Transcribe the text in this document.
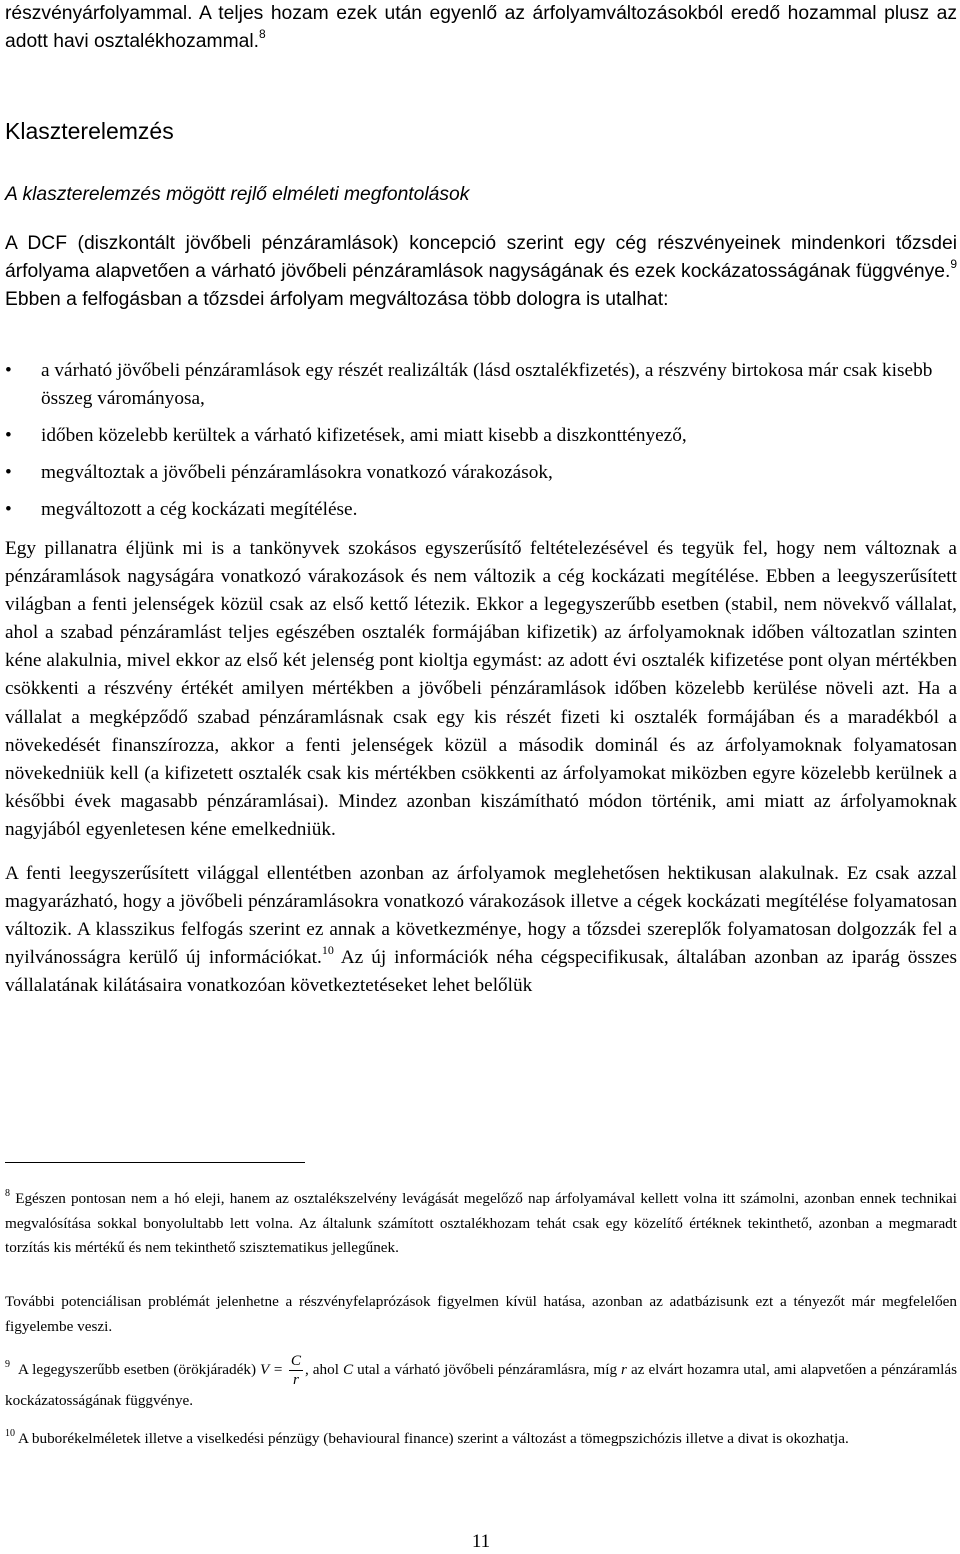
részvényárfolyammal. A teljes hozam ezek után egyenlő az árfolyamváltozásokból eredő hozammal plusz az adott havi osztalékhozammal.$^8$

Klaszterelemzés
A klaszterelemzés mögött rejlő elméleti megfontolások

A DCF (diszkontált jövőbeli pénzáramlások) koncepció szerint egy cég részvényeinek mindenkori tőzsdei árfolyama alapvetően a várható jövőbeli pénzáramlások nagyságának és ezek kockázatosságának függvénye.$^9$ Ebben a felfogásban a tőzsdei árfolyam megváltozása több dologra is utalhat:

• a várható jövőbeli pénzáramlások egy részét realizálták (lásd osztalékfizetés), a részvény birtokosa már csak kisebb összeg várományosa,
• időben közelebb kerültek a várható kifizetések, ami miatt kisebb a diszkonttényező,
• megváltoztak a jövőbeli pénzáramlásokra vonatkozó várakozások,
• megváltozott a cég kockázati megítélése.

Egy pillanatra éljünk mi is a tankönyvek szokásos egyszerűsítő feltételezésével és tegyük fel, hogy nem változnak a pénzáramlások nagyságára vonatkozó várakozások és nem változik a cég kockázati megítélése. Ebben a leegyszerűsített világban a fenti jelenségek közül csak az első kettő létezik. Ekkor a legegyszerűbb esetben (stabil, nem növekvő vállalat, ahol a szabad pénzáramlást teljes egészében osztalék formájában kifizetik) az árfolyamoknak időben változatlan szinten kéne alakulnia, mivel ekkor az első két jelenség pont kioltja egymást: az adott évi osztalék kifizetése pont olyan mértékben csökkenti a részvény értékét amilyen mértékben a jövőbeli pénzáramlások időben közelebb kerülése növeli azt. Ha a vállalat a megképződő szabad pénzáramlásnak csak egy kis részét fizeti ki osztalék formájában és a maradékból a növekedését finanszírozza, akkor a fenti jelenségek közül a második dominál és az árfolyamoknak folyamatosan növekedniük kell (a kifizetett osztalék csak kis mértékben csökkenti az árfolyamokat miközben egyre közelebb kerülnek a későbbi évek magasabb pénzáramlásai). Mindez azonban kiszámítható módon történik, ami miatt az árfolyamoknak nagyjából egyenletesen kéne emelkedniük.

A fenti leegyszerűsített világgal ellentétben azonban az árfolyamok meglehetősen hektikusan alakulnak. Ez csak azzal magyarázható, hogy a jövőbeli pénzáramlásokra vonatkozó várakozások illetve a cégek kockázati megítélése folyamatosan változik. A klasszikus felfogás szerint ez annak a következménye, hogy a tőzsdei szereplők folyamatosan dolgozzák fel a nyilvánosságra kerülő új információkat.$^{10}$ Az új információk néha cégspecifikusak, általában azonban az iparág összes vállalatának kilátásaira vonatkozóan következtetéseket lehet belőlük

$^8$ Egészen pontosan nem a hó eleji, hanem az osztalékszelvény levágását megelőző nap árfolyamával kellett volna itt számolni, azonban ennek technikai megvalósítása sokkal bonyolultabb lett volna. Az általunk számított osztalékhozam tehát csak egy közelítő értéknek tekinthető, azonban a megmaradt torzítás kis mértékű és nem tekinthető szisztematikus jellegűnek.

További potenciálisan problémát jelenhetne a részvényfelaprózások figyelmen kívül hatása, azonban az adatbázisunk ezt a tényezőt már megfelelően figyelembe veszi.

$^9$ A legegyszerűbb esetben (örökjáradék) $V = \frac{C}{r}$ , ahol C utal a várható jövőbeli pénzáramlásra, míg r az elvárt hozamra utal, ami alapvetően a pénzáramlás kockázatosságának függvénye.

$^{10}$ A buborékelméletek illetve a viselkedési pénzügy (behavioural finance) szerint a változást a tömegpszichózis illetve a divat is okozhatja.

11
